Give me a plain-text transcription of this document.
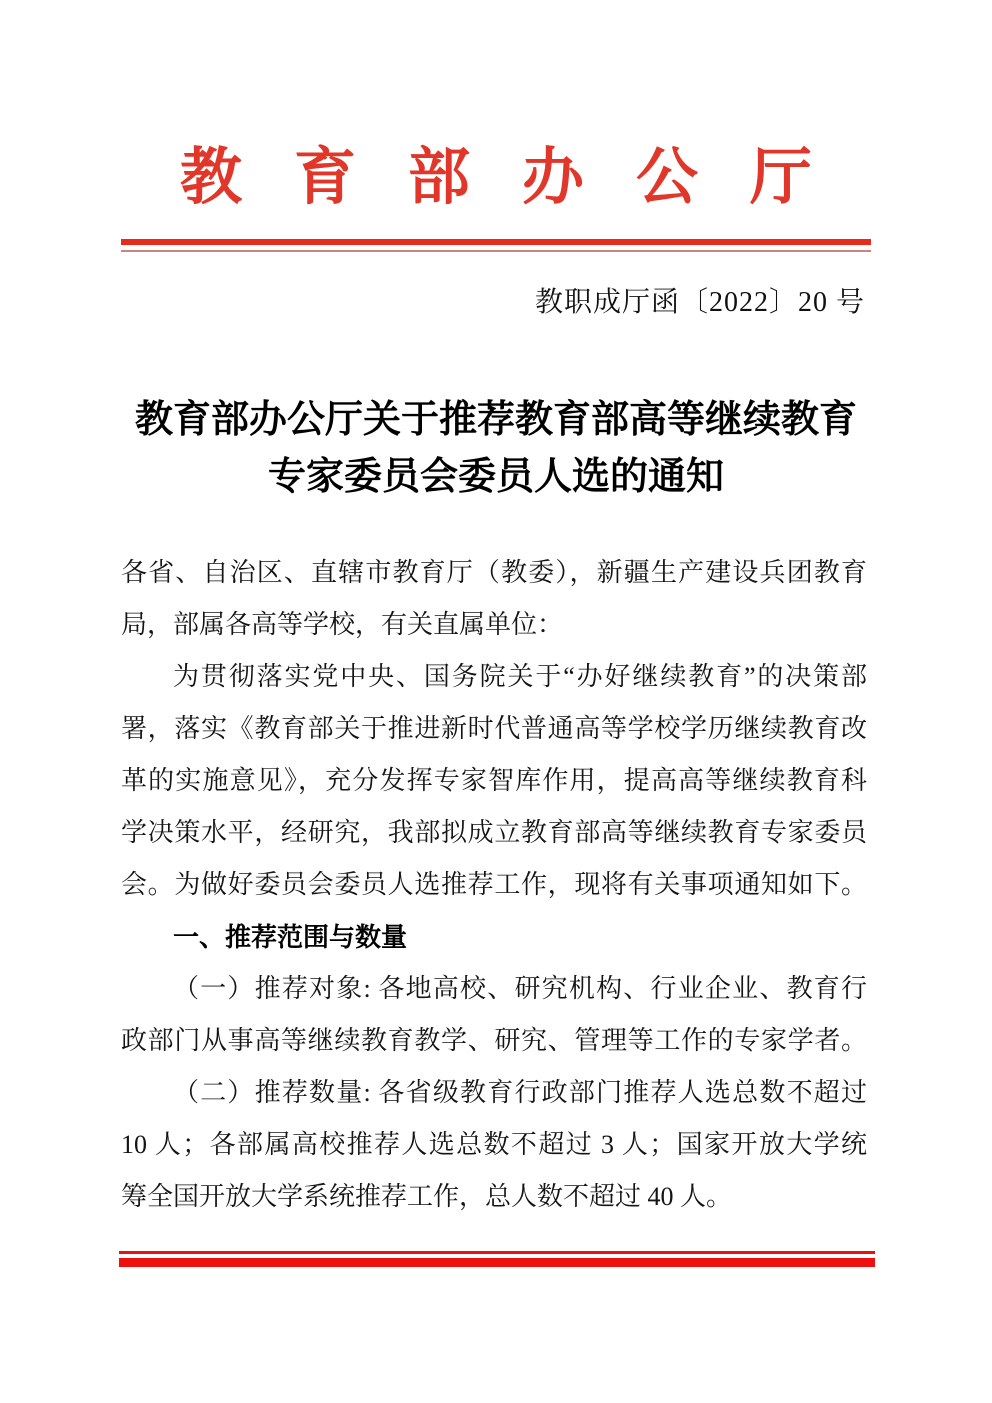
教 育 部 办 公 厅
教职成厅函〔2022〕20 号
教育部办公厅关于推荐教育部高等继续教育
专家委员会委员人选的通知
各省、自治区、直辖市教育厅（教委），新疆生产建设兵团教育
局，部属各高等学校，有关直属单位：
为贯彻落实党中央、国务院关于“办好继续教育”的决策部
署，落实《教育部关于推进新时代普通高等学校学历继续教育改
革的实施意见》，充分发挥专家智库作用，提高高等继续教育科
学决策水平，经研究，我部拟成立教育部高等继续教育专家委员
会。为做好委员会委员人选推荐工作，现将有关事项通知如下。
一、推荐范围与数量
（一）推荐对象: 各地高校、研究机构、行业企业、教育行
政部门从事高等继续教育教学、研究、管理等工作的专家学者。
（二）推荐数量: 各省级教育行政部门推荐人选总数不超过
10 人；各部属高校推荐人选总数不超过 3 人；国家开放大学统
筹全国开放大学系统推荐工作，总人数不超过 40 人。
